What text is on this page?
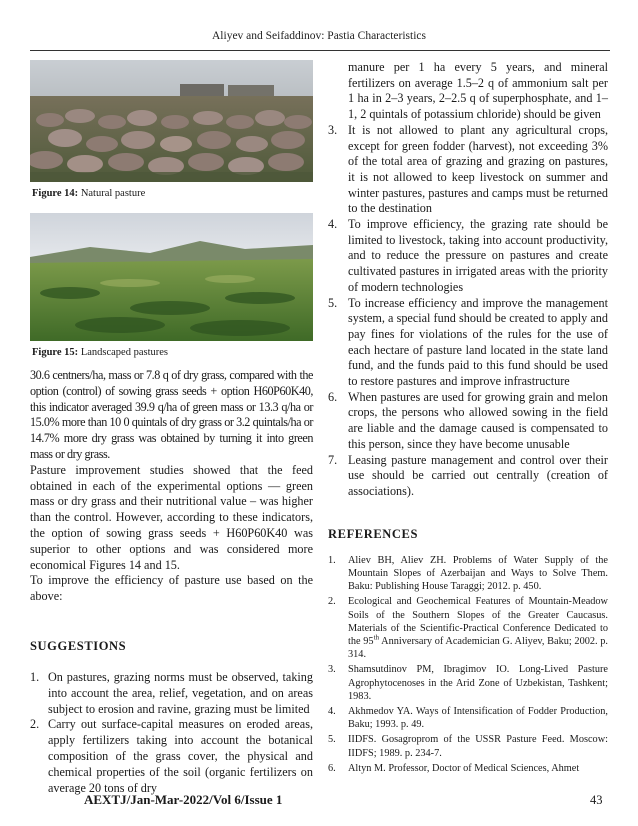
Aliyev and Seifaddinov: Pastia Characteristics
Figure 14: Natural pasture
Figure 15: Landscaped pastures

30.6 centners/ha, mass or 7.8 q of dry grass, compared with the option (control) of sowing grass seeds + option H60P60K40, this indicator averaged 39.9 q/ha of green mass or 13.3 q/ha or 15.0% more than 10 0 quintals of dry grass or 3.2 quintals/ha or 14.7% more dry grass was obtained by turning it into green mass or dry grass.

Pasture improvement studies showed that the feed obtained in each of the experimental options — green mass or dry grass and their nutritional value – was higher than the control. However, according to these indicators, the option of sowing grass seeds + H60P60K40 was superior to other options and was considered more economical Figures 14 and 15.

To improve the efficiency of pasture use based on the above:

SUGGESTIONS
1. On pastures, grazing norms must be observed, taking into account the area, relief, vegetation, and on areas subject to erosion and ravine, grazing must be limited
2. Carry out surface-capital measures on eroded areas, apply fertilizers taking into account the botanical composition of the grass cover, the physical and chemical properties of the soil (organic fertilizers on average 20 tons of dry
manure per 1 ha every 5 years, and mineral fertilizers on average 1.5–2 q of ammonium salt per 1 ha in 2–3 years, 2–2.5 q of superphosphate, and 1–1, 2 quintals of potassium chloride) should be given
3. It is not allowed to plant any agricultural crops, except for green fodder (harvest), not exceeding 3% of the total area of grazing and grazing on pastures, it is not allowed to keep livestock on summer and winter pastures, pastures and camps must be returned to the destination
4. To improve efficiency, the grazing rate should be limited to livestock, taking into account productivity, and to reduce the pressure on pastures and create cultivated pastures in irrigated areas with the priority of modern technologies
5. To increase efficiency and improve the management system, a special fund should be created to apply and pay fines for violations of the rules for the use of each hectare of pasture land located in the state land fund, and the funds paid to this fund should be used to restore pastures and improve infrastructure
6. When pastures are used for growing grain and melon crops, the persons who allowed sowing in the field are liable and the damage caused is compensated to this person, since they have become unusable
7. Leasing pasture management and control over their use should be carried out centrally (creation of associations).
REFERENCES
1. Aliev BH, Aliev ZH. Problems of Water Supply of the Mountain Slopes of Azerbaijan and Ways to Solve Them. Baku: Publishing House Taraggi; 2012. p. 450.
2. Ecological and Geochemical Features of Mountain-Meadow Soils of the Southern Slopes of the Greater Caucasus. Materials of the Scientific-Practical Conference Dedicated to the 95th Anniversary of Academician G. Aliyev, Baku; 2002. p. 314.
3. Shamsutdinov PM, Ibragimov IO. Long-Lived Pasture Agrophytocenoses in the Arid Zone of Uzbekistan, Tashkent; 1983.
4. Akhmedov YA. Ways of Intensification of Fodder Production, Baku; 1993. p. 49.
5. IIDFS. Gosagroprom of the USSR Pasture Feed. Moscow: IIDFS; 1989. p. 234-7.
6. Altyn M. Professor, Doctor of Medical Sciences, Ahmet
AEXTJ/Jan-Mar-2022/Vol 6/Issue 1	43
